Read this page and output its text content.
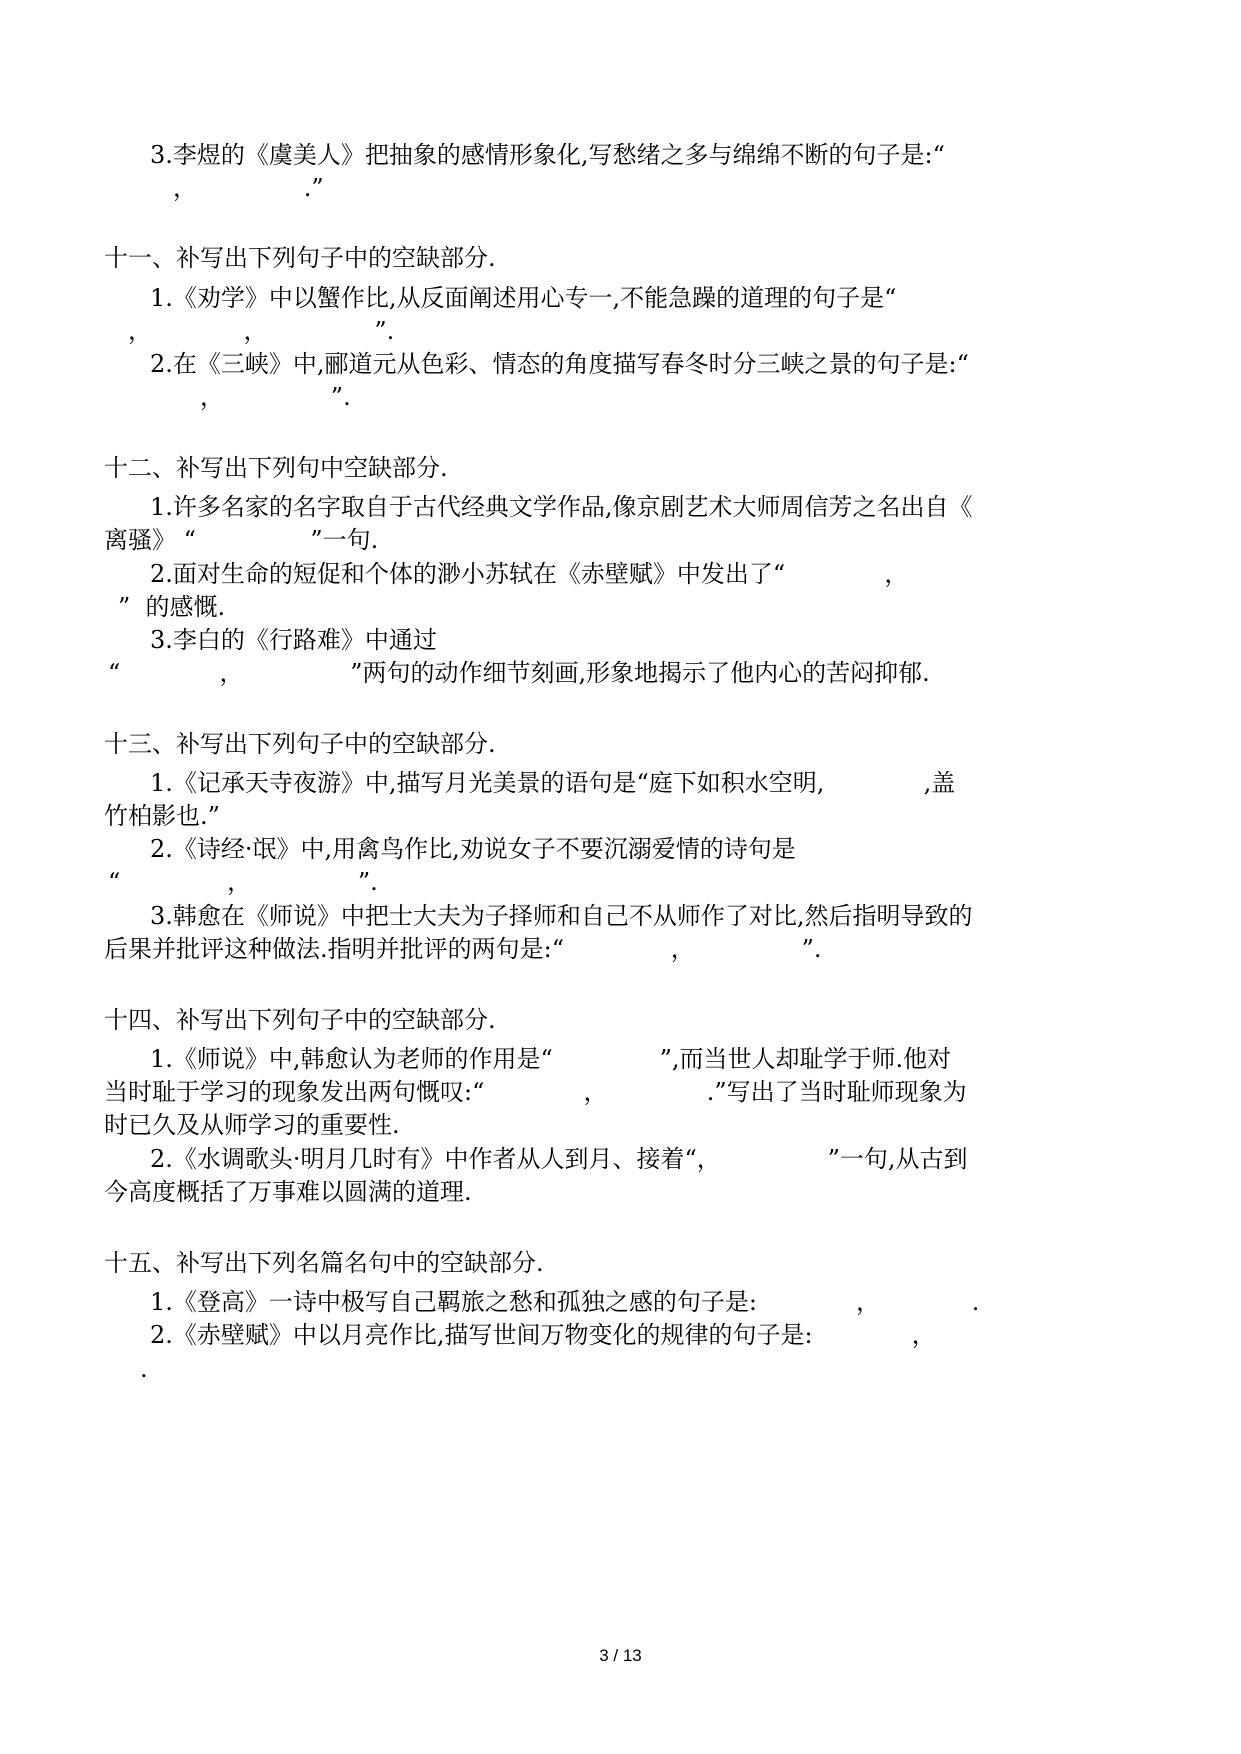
3.李煜的《虞美人》把抽象的感情形象化,写愁绪之多与绵绵不断的句子是:“
，              .”
十一、补写出下列句子中的空缺部分.
1.《劝学》中以蟹作比,从反面阐述用心专一,不能急躁的道理的句子是“
，            ，              ”.
2.在《三峡》中,郦道元从色彩、情态的角度描写春冬时分三峡之景的句子是:“
，              ”.
十二、补写出下列句中空缺部分.
1.许多名家的名字取自于古代经典文学作品,像京剧艺术大师周信芳之名出自《
离骚》 “               ”一句.
2.面对生命的短促和个体的渺小苏轼在《赤壁赋》中发出了“             ，
”  的感慨.
3.李白的《行路难》中通过
“             ，              ”两句的动作细节刻画,形象地揭示了他内心的苦闷抑郁.
十三、补写出下列句子中的空缺部分.
1.《记承天寺夜游》中,描写月光美景的语句是“庭下如积水空明,             ,盖
竹柏影也.”
2.《诗经·氓》中,用禽鸟作比,劝说女子不要沉溺爱情的诗句是
“              ，              ”.
3.韩愈在《师说》中把士大夫为子择师和自己不从师作了对比,然后指明导致的
后果并批评这种做法.指明并批评的两句是:“              ，              ”.
十四、补写出下列句子中的空缺部分.
1.《师说》中,韩愈认为老师的作用是“              ”,而当世人却耻学于师.他对
当时耻于学习的现象发出两句慨叹:“             ，             .”写出了当时耻师现象为
时已久及从师学习的重要性.
2.《水调歌头·明月几时有》中作者从人到月、接着“，              ”一句,从古到
今高度概括了万事难以圆满的道理.
十五、补写出下列名篇名句中的空缺部分.
1.《登高》一诗中极写自己羁旅之愁和孤独之感的句子是:             ，            .
2.《赤壁赋》中以月亮作比,描写世间万物变化的规律的句子是:             ，
.
3 / 13
